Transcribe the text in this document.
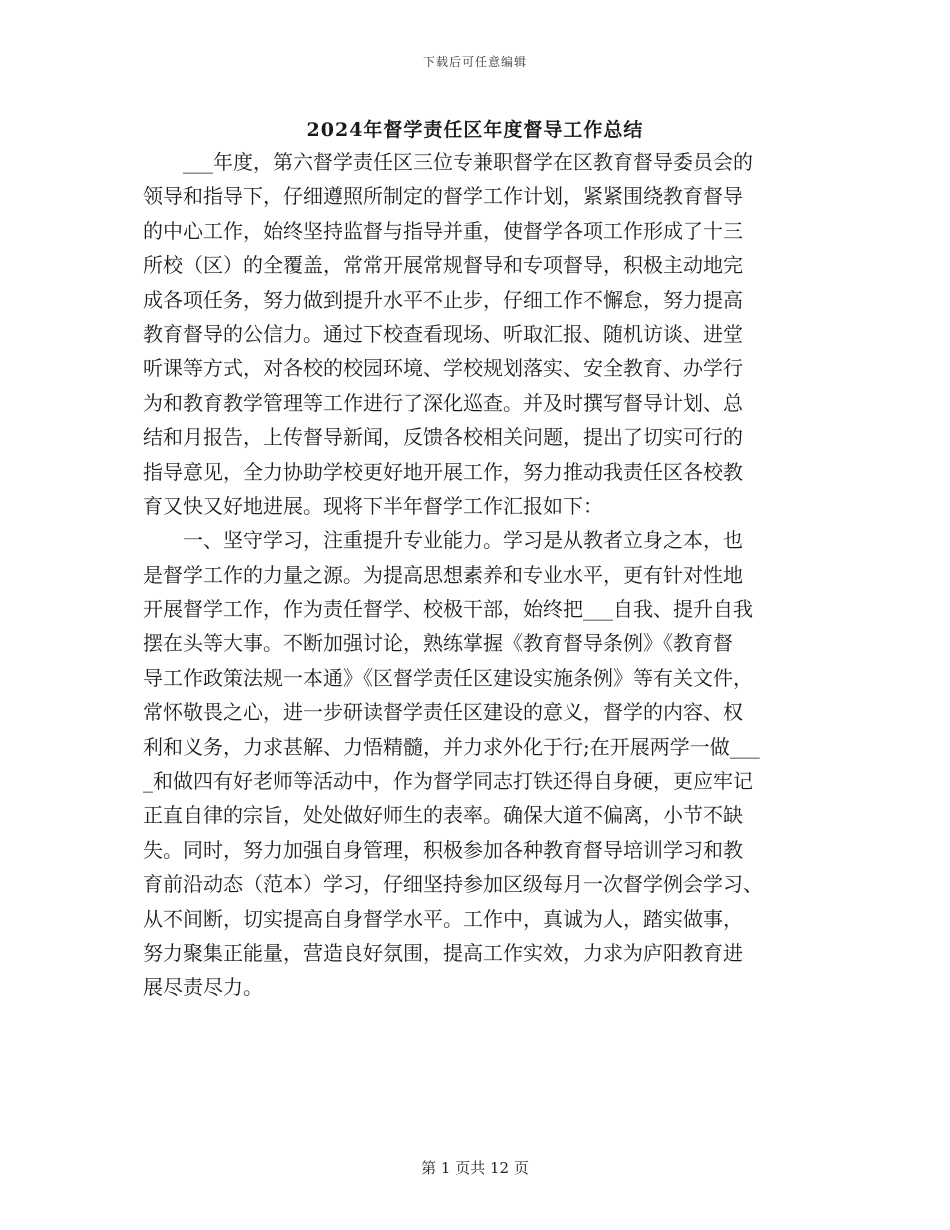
下载后可任意编辑
2024年督学责任区年度督导工作总结
　　___年度，第六督学责任区三位专兼职督学在区教育督导委员会的
领导和指导下，仔细遵照所制定的督学工作计划，紧紧围绕教育督导
的中心工作，始终坚持监督与指导并重，使督学各项工作形成了十三
所校（区）的全覆盖，常常开展常规督导和专项督导，积极主动地完
成各项任务，努力做到提升水平不止步，仔细工作不懈怠，努力提高
教育督导的公信力。通过下校查看现场、听取汇报、随机访谈、进堂
听课等方式，对各校的校园环境、学校规划落实、安全教育、办学行
为和教育教学管理等工作进行了深化巡查。并及时撰写督导计划、总
结和月报告，上传督导新闻，反馈各校相关问题，提出了切实可行的
指导意见，全力协助学校更好地开展工作，努力推动我责任区各校教
育又快又好地进展。现将下半年督学工作汇报如下：
　　一、坚守学习，注重提升专业能力。学习是从教者立身之本，也
是督学工作的力量之源。为提高思想素养和专业水平，更有针对性地
开展督学工作，作为责任督学、校极干部，始终把___自我、提升自我
摆在头等大事。不断加强讨论，熟练掌握《教育督导条例》《教育督
导工作政策法规一本通》《区督学责任区建设实施条例》等有关文件，
常怀敬畏之心，进一步研读督学责任区建设的意义，督学的内容、权
利和义务，力求甚解、力悟精髓，并力求外化于行;在开展两学一做___
_和做四有好老师等活动中，作为督学同志打铁还得自身硬，更应牢记
正直自律的宗旨，处处做好师生的表率。确保大道不偏离，小节不缺
失。同时，努力加强自身管理，积极参加各种教育督导培训学习和教
育前沿动态（范本）学习，仔细坚持参加区级每月一次督学例会学习、
从不间断，切实提高自身督学水平。工作中，真诚为人，踏实做事，
努力聚集正能量，营造良好氛围，提高工作实效，力求为庐阳教育进
展尽责尽力。
第 1 页共 12 页
